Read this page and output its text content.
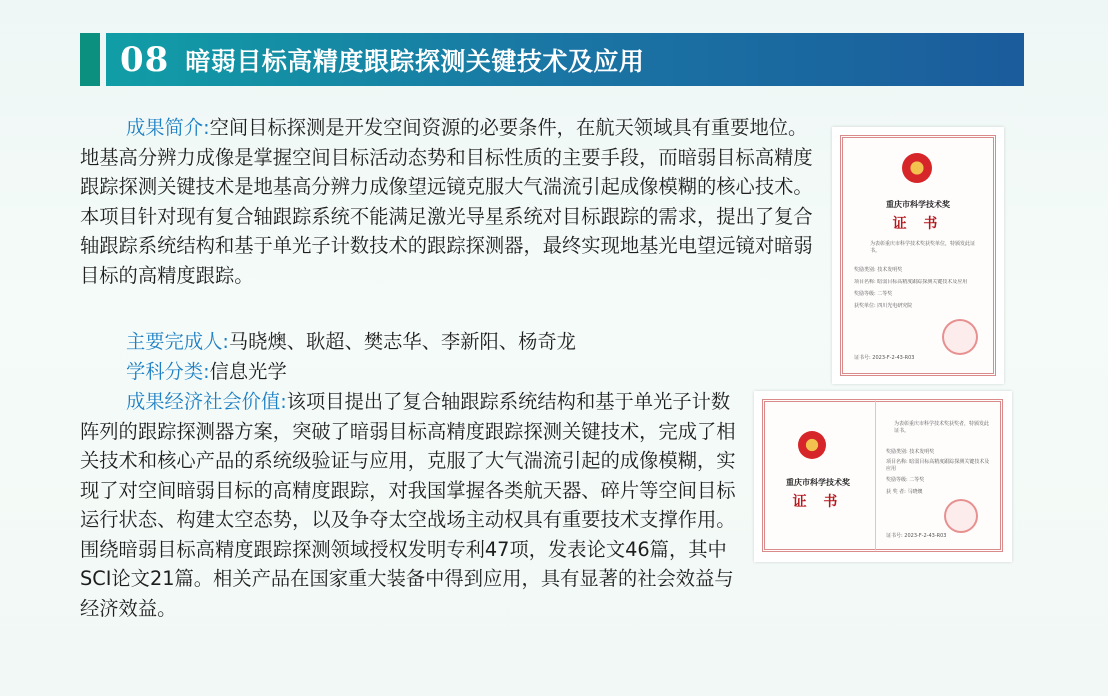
08 暗弱目标高精度跟踪探测关键技术及应用

成果简介:空间目标探测是开发空间资源的必要条件，在航天领域具有重要地位。地基高分辨力成像是掌握空间目标活动态势和目标性质的主要手段，而暗弱目标高精度跟踪探测关键技术是地基高分辨力成像望远镜克服大气湍流引起成像模糊的核心技术。本项目针对现有复合轴跟踪系统不能满足激光导星系统对目标跟踪的需求，提出了复合轴跟踪系统结构和基于单光子计数技术的跟踪探测器，最终实现地基光电望远镜对暗弱目标的高精度跟踪。

主要完成人:马晓燠、耿超、樊志华、李新阳、杨奇龙

学科分类:信息光学

成果经济社会价值:该项目提出了复合轴跟踪系统结构和基于单光子计数阵列的跟踪探测器方案，突破了暗弱目标高精度跟踪探测关键技术，完成了相关技术和核心产品的系统级验证与应用，克服了大气湍流引起的成像模糊，实现了对空间暗弱目标的高精度跟踪，对我国掌握各类航天器、碎片等空间目标运行状态、构建太空态势，以及争夺太空战场主动权具有重要技术支撑作用。围绕暗弱目标高精度跟踪探测领域授权发明专利47项，发表论文46篇，其中SCI论文21篇。相关产品在国家重大装备中得到应用，具有显著的社会效益与经济效益。

重庆市科学技术奖
证 书
为表彰重庆市科学技术奖获奖单位，特颁发此证书。
奖励类别: 技术发明奖
项目名称: 暗弱目标高精度跟踪探测关键技术及应用
奖励等级: 二等奖
获奖单位: 四川光电研究院
证书号: 2023-F-2-43-R03
重庆市科学技术奖
证 书
为表彰重庆市科学技术奖获奖者，特颁发此证书。
奖励类别: 技术发明奖
项目名称: 暗弱目标高精度跟踪探测关键技术及应用
奖励等级: 二等奖
获 奖 者: 马晓燠
证书号: 2023-F-2-43-R03
